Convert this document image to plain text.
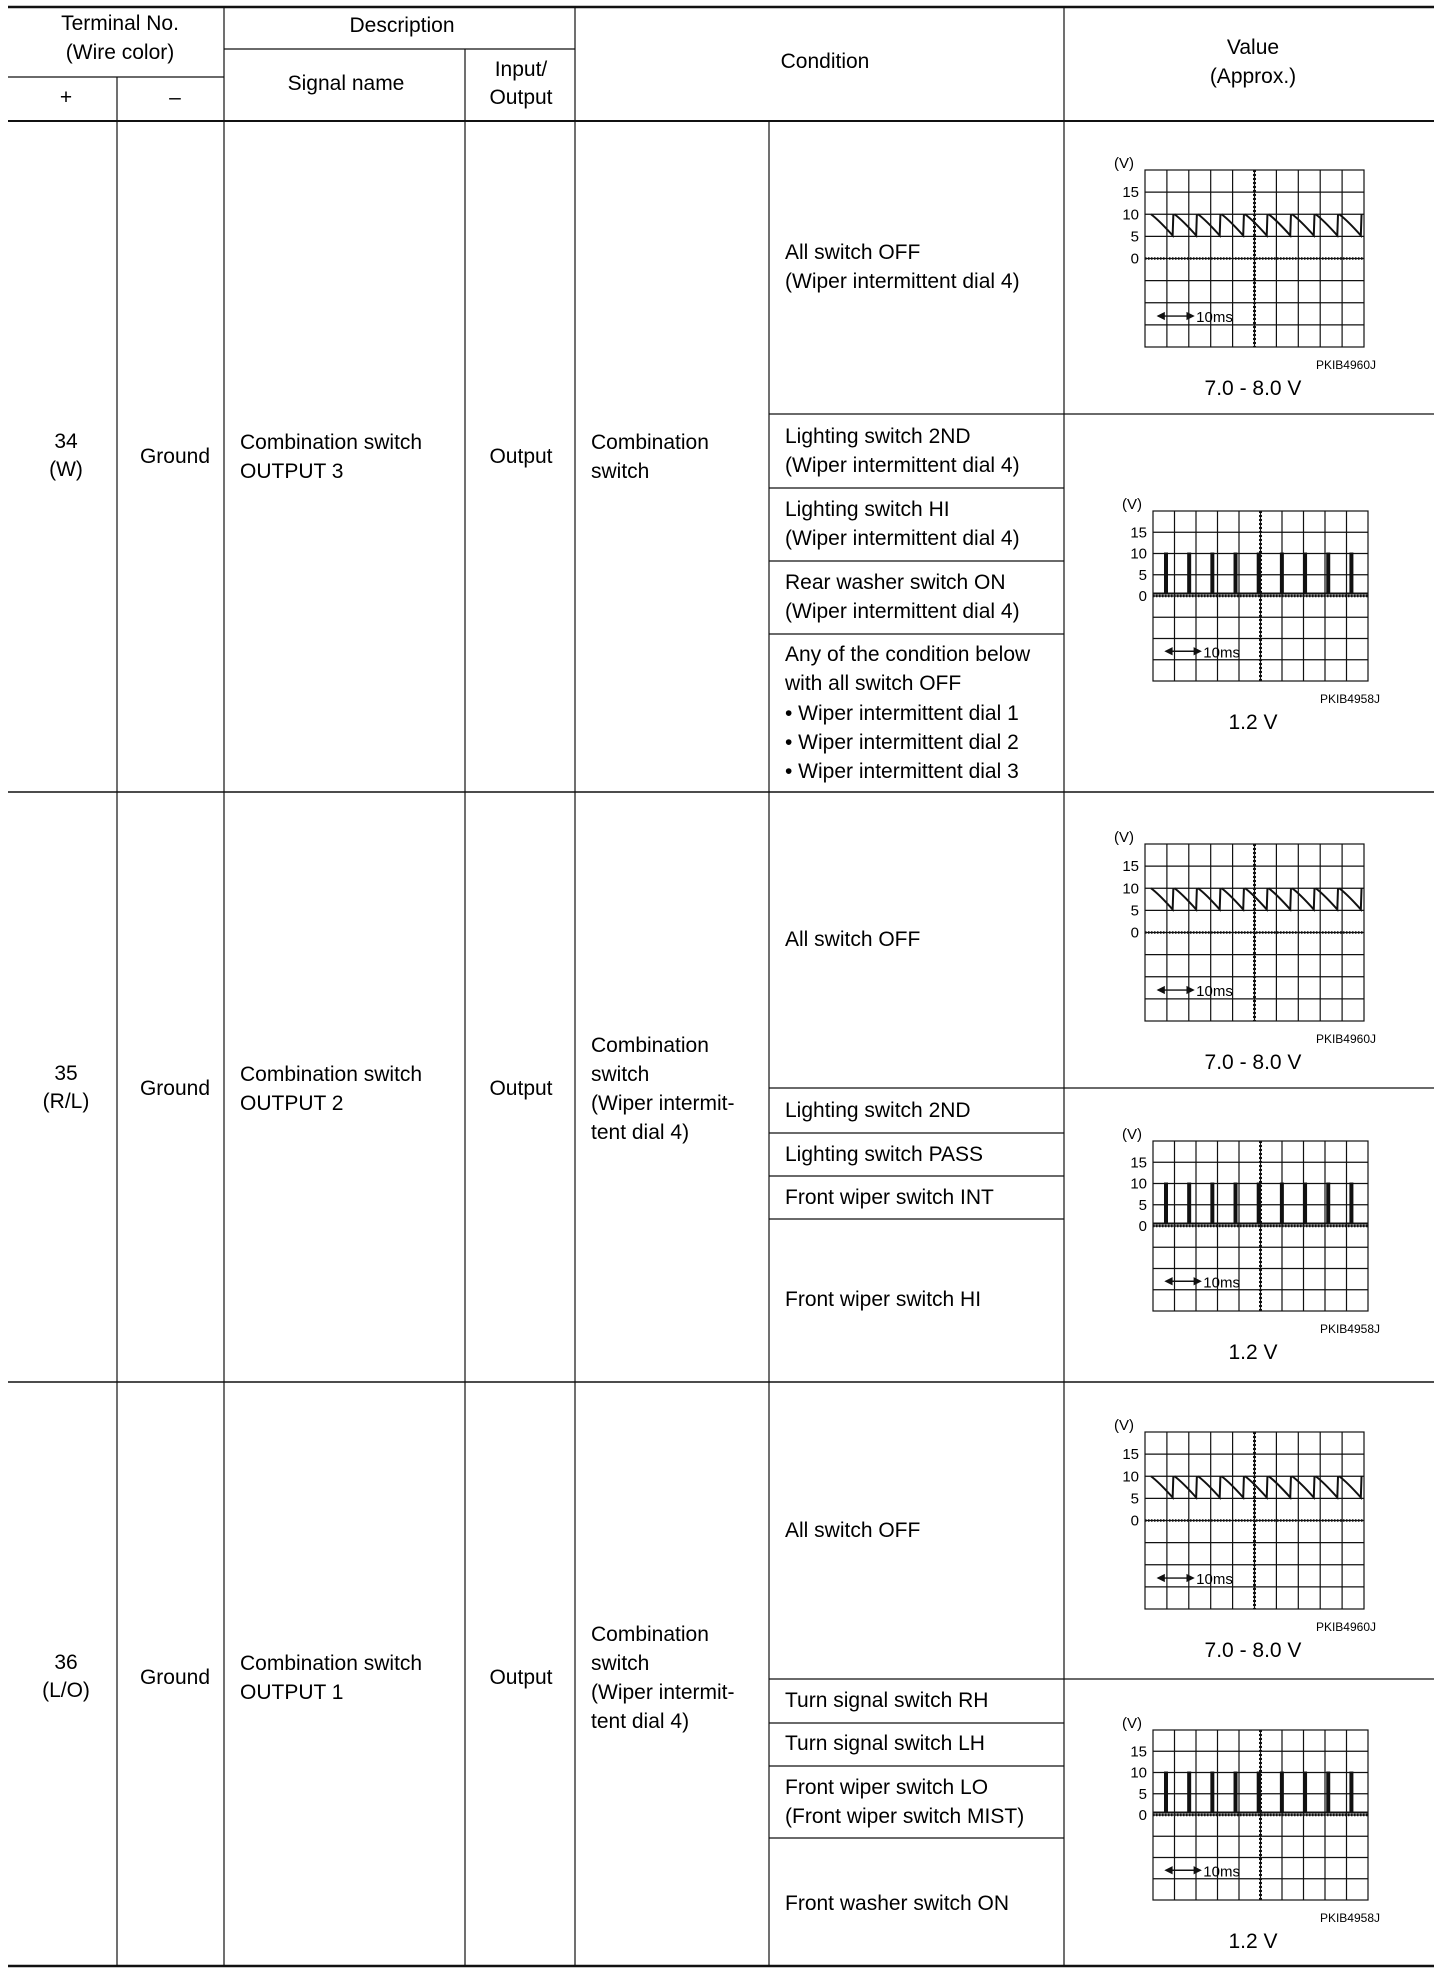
Terminal No.
(Wire color)
+	–
Description
Signal name
Input/
Output
Condition
Value
(Approx.)
34
(W)
Ground
Combination switch
OUTPUT 3
Output
Combination
switch
All switch OFF
(Wiper intermittent dial 4)
Lighting switch 2ND
(Wiper intermittent dial 4)
Lighting switch HI
(Wiper intermittent dial 4)
Rear washer switch ON
(Wiper intermittent dial 4)
Any of the condition below
with all switch OFF
• Wiper intermittent dial 1
• Wiper intermittent dial 2
• Wiper intermittent dial 3
35
(R/L)
Ground
Combination switch
OUTPUT 2
Output
Combination
switch
(Wiper intermit-
tent dial 4)
All switch OFF
Lighting switch 2ND
Lighting switch PASS
Front wiper switch INT
Front wiper switch HI
36
(L/O)
Ground
Combination switch
OUTPUT 1
Output
Combination
switch
(Wiper intermit-
tent dial 4)
All switch OFF
Turn signal switch RH
Turn signal switch LH
Front wiper switch LO
(Front wiper switch MIST)
Front washer switch ON
(V)
15
10
5
0
10ms
PKIB4960J
7.0 - 8.0 V
(V)
15
10
5
0
10ms
PKIB4958J
1.2 V
(V)
15
10
5
0
10ms
PKIB4960J
7.0 - 8.0 V
(V)
15
10
5
0
10ms
PKIB4958J
1.2 V
(V)
15
10
5
0
10ms
PKIB4960J
7.0 - 8.0 V
(V)
15
10
5
0
10ms
PKIB4958J
1.2 V
